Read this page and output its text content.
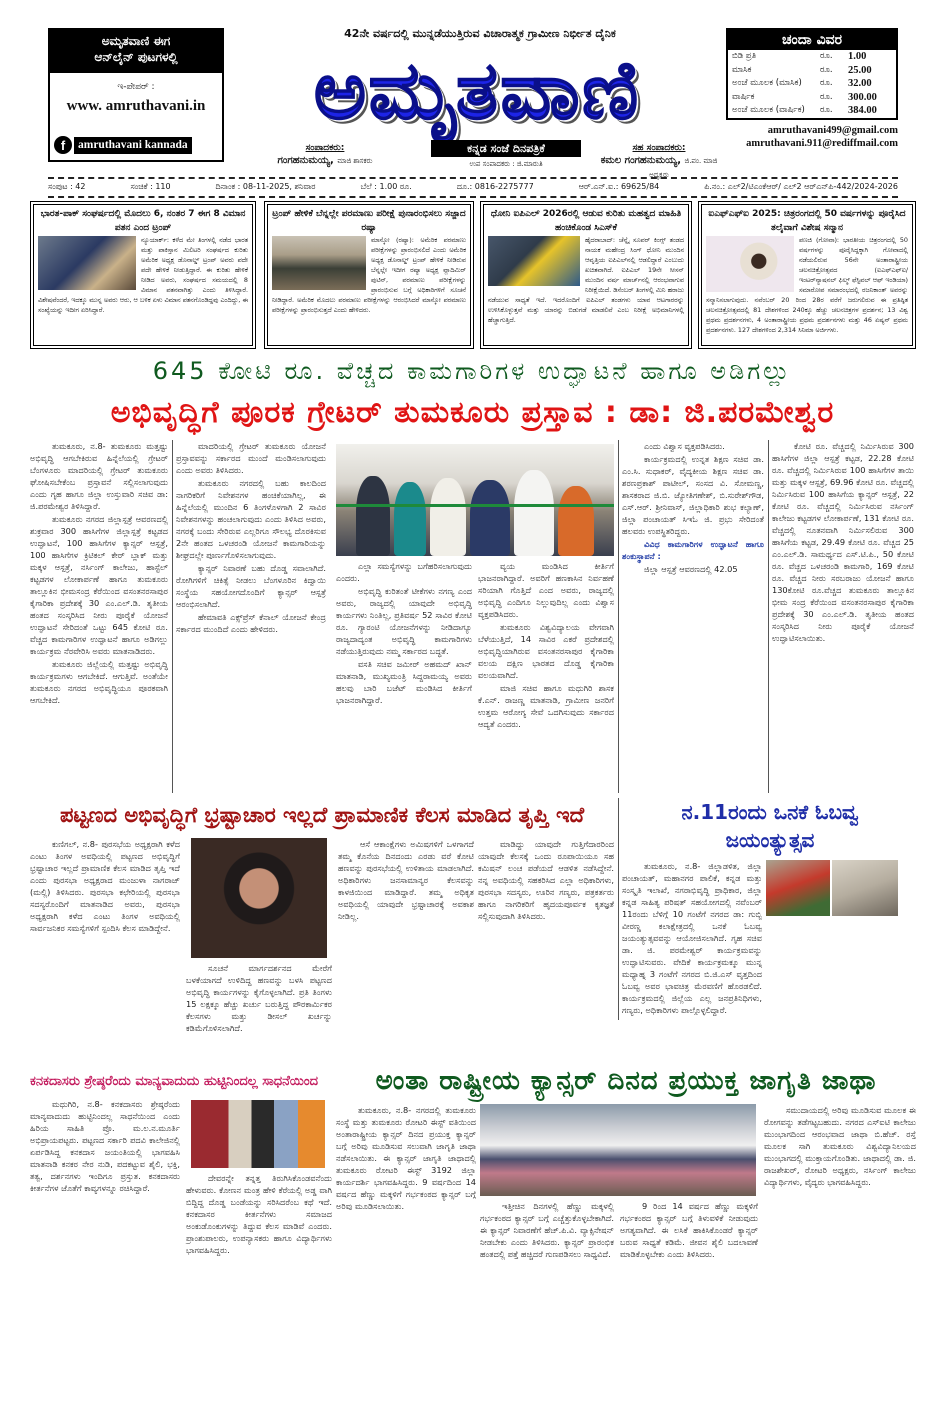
ಅಮೃತವಾಣಿ ಈಗ
ಆನ್‌ಲೈನ್ ಪುಟಗಳಲ್ಲಿ
ಇ-ಪೇಪರ್ :
www. amruthavani.in
f	amruthavani kannada
42ನೇ ವರ್ಷದಲ್ಲಿ ಮುನ್ನಡೆಯುತ್ತಿರುವ ವಿಚಾರಾತ್ಮಕ ಗ್ರಾಮೀಣ ನಿರ್ಭೀತ ದೈನಿಕ
ಅಮೃತವಾಣಿ
ಕನ್ನಡ ಸಂಜೆ ದಿನಪತ್ರಿಕೆ
ಉಪ ಸಂಪಾದಕರು : ಜಿ.ಮಾರುತಿ
ಸಂಪಾದಕರು:
ಗಂಗಹನುಮಯ್ಯ, ಮಾಜಿ ಶಾಸಕರು
ಸಹ ಸಂಪಾದಕರು:
ಕಮಲ ಗಂಗಹನುಮಯ್ಯ, ಜಿ.ಪಂ. ಮಾಜಿ ಅಧ್ಯಕ್ಷರು
ಚಂದಾ ವಿವರ
ಬಿಡಿ ಪ್ರತಿ	ರೂ.	1.00
ಮಾಸಿಕ	ರೂ.	25.00
ಅಂಚೆ ಮೂಲಕ (ಮಾಸಿಕ)	ರೂ.	32.00
ವಾರ್ಷಿಕ	ರೂ.	300.00
ಅಂಚೆ ಮೂಲಕ (ವಾರ್ಷಿಕ)	ರೂ.	384.00
amruthavani499@gmail.com
amruthavani.911@rediffmail.com
ಸಂಪುಟ : 42	ಸಂಚಿಕೆ : 110	ದಿನಾಂಕ : 08-11-2025, ಶನಿವಾರ	ಬೆಲೆ : 1.00 ರೂ.	ದೂ.: 0816-2275777	ಆರ್.ಎನ್.ಐ.: 69625/84	ಪಿ.ನಂ.: ಎಲ್2/ಟಿಎಂಕೆಆರ್/ ಎಲ್2 ಆರ್‌ಎನ್‌ಪಿ-442/2024-2026
ಭಾರತ-ಪಾಕ್ ಸಂಘರ್ಷದಲ್ಲಿ ಮೊದಲು 6, ನಂತರ 7 ಈಗ 8 ವಿಮಾನ ಪತನ ಎಂದ ಟ್ರಂಪ್
ನ್ಯೂಯಾರ್ಕ್: ಕಳೆದ ಮೇ ತಿಂಗಳಲ್ಲಿ ನಡೆದ ಭಾರತ ಮತ್ತು ಪಾಕಿಸ್ತಾನ ಮಿಲಿಟರಿ ಸಂಘರ್ಷದ ಕುರಿತು ಅಮೆರಿಕ ಅಧ್ಯಕ್ಷ ಡೊನಾಲ್ಡ್ ಟ್ರಂಪ್ ಅವರು ಪದೇ ಪದೇ ಹೇಳಿಕೆ ನೀಡುತ್ತಿದ್ದಾರೆ. ಈ ಕುರಿತು ಹೇಳಿಕೆ ನೀಡಿದ ಅವರು, ಸಂಘರ್ಷದ ಸಮಯದಲ್ಲಿ 8 ವಿಮಾನ ಪತನವಾಗಿತ್ತು ಎಂದು ತಿಳಿಸಿದ್ದಾರೆ. ವಿಶೇಷವೆಂದರೆ, ಇದಕ್ಕೂ ಮುನ್ನ ಅವರು ಆರು, ಆ ಬಳಿಕ ಏಳು ವಿಮಾನ ಪತನಗೊಂಡಿದ್ದವು ಎಂದಿದ್ದು, ಈ ಸಂಖ್ಯೆಯನ್ನು ಇದೀಗ ಏರಿಸಿದ್ದಾರೆ.
ಟ್ರಂಪ್ ಹೇಳಿಕೆ ಬೆನ್ನಲ್ಲೇ ಪರಮಾಣು ಪರೀಕ್ಷೆ ಪುನಾರಂಭಿಸಲು ಸಜ್ಜಾದ ರಷ್ಯಾ
ಮಾಸ್ಕೋ (ರಷ್ಯಾ): ಅಮೆರಿಕ ಪರಮಾಣು ಪರೀಕ್ಷೆಗಳನ್ನು ಪ್ರಾರಂಭಿಸಲಿದೆ ಎಂದು ಅಮೆರಿಕ ಅಧ್ಯಕ್ಷ ಡೊನಾಲ್ಡ್ ಟ್ರಂಪ್ ಹೇಳಿಕೆ ನೀಡಿರುವ ಬೆನ್ನಲ್ಲೇ ಇದೀಗ ರಷ್ಯಾ ಅಧ್ಯಕ್ಷ ವ್ಲಾದಿಮಿರ್ ಪುಟಿನ್, ಪರಮಾಣು ಪರೀಕ್ಷೆಗಳನ್ನು ಪ್ರಾರಂಭಿಸುವ ಬಗ್ಗೆ ಅಧಿಕಾರಿಗಳಿಗೆ ಸೂಚನೆ ನೀಡಿದ್ದಾರೆ. ಅಮೆರಿಕ ಮೊದಲು ಪರಮಾಣು ಪರೀಕ್ಷೆಗಳನ್ನು ಆರಂಭಿಸಿದರೆ ಮಾಸ್ಕೋ ಪರಮಾಣು ಪರೀಕ್ಷೆಗಳನ್ನು ಪ್ರಾರಂಭಿಸುತ್ತದೆ ಎಂದು ಹೇಳಿದರು.
ಧೋನಿ ಐಪಿಎಲ್ 2026ರಲ್ಲಿ ಆಡುವ ಕುರಿತು ಮಹತ್ವದ ಮಾಹಿತಿ ಹಂಚಿಕೊಂಡ ಸಿಎಸ್‌ಕೆ
ಹೈದರಾಬಾದ್: ಚೆನ್ನೈ ಸೂಪರ್ ಕಿಂಗ್ಸ್ ತಂಡದ ನಾಯಕ ಮಹೇಂದ್ರ ಸಿಂಗ್ ಧೋನಿ ಮುಂದಿನ ಆವೃತ್ತಿಯ ಐಪಿಎಲ್‌ನಲ್ಲಿ ಆಡಲಿದ್ದಾರೆ ಎಂಬುದು ಖಚಿತವಾಗಿದೆ. ಐಪಿಎಲ್ 19ನೇ ಸೀಸನ್ ಮುಂದಿನ ವರ್ಷ ಮಾರ್ಚ್‌ನಲ್ಲಿ ಆರಂಭವಾಗುವ ನಿರೀಕ್ಷೆಯಿದೆ. ಡಿಸೆಂಬರ್ ತಿಂಗಳಲ್ಲಿ ಮಿನಿ ಹರಾಜು ನಡೆಯುವ ಸಾಧ್ಯತೆ ಇದೆ. ಇದರೊಂದಿಗೆ ಐಪಿಎಲ್ ತಂಡಗಳು ಯಾವ ಆಟಗಾರರನ್ನು ಉಳಿಸಿಕೊಳ್ಳುತ್ತವೆ ಮತ್ತು ಯಾರನ್ನು ಬಿಡುಗಡೆ ಮಾಡಲಿವೆ ಎಂಬ ನಿರೀಕ್ಷೆ ಅಭಿಮಾನಿಗಳಲ್ಲಿ ಹೆಚ್ಚಾಗುತ್ತಿದೆ.
ಐಎಫ್‌ಎಫ್‌ಐ 2025: ಚಿತ್ರರಂಗದಲ್ಲಿ 50 ವರ್ಷಗಳನ್ನು ಪೂರೈಸಿದ ತಲೈವಾಗೆ ವಿಶೇಷ ಸನ್ಮಾನ
ಪಣಜಿ (ಗೋವಾ): ಭಾರತೀಯ ಚಿತ್ರರಂಗದಲ್ಲಿ 50 ವರ್ಷಗಳನ್ನು ಪೂರೈಸಿದ್ದಕ್ಕಾಗಿ ಗೋವಾದಲ್ಲಿ ನಡೆಯಲಿರುವ 56ನೇ ಅಂತಾರಾಷ್ಟ್ರೀಯ ಚಲನಚಿತ್ರೋತ್ಸವದ (ಐಎಫ್‌ಎಫ್‌ಐ/ ಇಂಟರ್‌ನ್ಯಾಷನಲ್ ಫಿಲ್ಮ್ ಫೆಸ್ಟಿವಲ್ ಆಫ್ ಇಂಡಿಯಾ) ಸಮಾರೋಪ ಸಮಾರಂಭದಲ್ಲಿ ರಜನಿಕಾಂತ್ ಅವರನ್ನು ಸನ್ಮಾನಿಸಲಾಗುವುದು. ನವೆಂಬರ್ 20 ರಿಂದ 28ರ ವರೆಗೆ ಜರುಗಲಿರುವ ಈ ಪ್ರತಿಷ್ಠಿತ ಚಲನಚಿತ್ರೋತ್ಸವದಲ್ಲಿ 81 ದೇಶಗಳಿಂದ 240ಕ್ಕೂ ಹೆಚ್ಚು ಚಲನಚಿತ್ರಗಳ ಪ್ರದರ್ಶನ; 13 ವಿಶ್ವ ಪ್ರಥಮ ಪ್ರದರ್ಶನಗಳು, 4 ಅಂತಾರಾಷ್ಟ್ರೀಯ ಪ್ರಥಮ ಪ್ರದರ್ಶನಗಳು ಮತ್ತು 46 ಏಷ್ಯನ್ ಪ್ರಥಮ ಪ್ರದರ್ಶನಗಳು. 127 ದೇಶಗಳಿಂದ 2,314 ಸಿನಿಮಾ ಅರ್ಜಿಗಳು.
645 ಕೋಟಿ ರೂ. ವೆಚ್ಚದ ಕಾಮಗಾರಿಗಳ ಉದ್ಘಾಟನೆ ಹಾಗೂ ಅಡಿಗಲ್ಲು
ಅಭಿವೃದ್ಧಿಗೆ ಪೂರಕ ಗ್ರೇಟರ್ ತುಮಕೂರು ಪ್ರಸ್ತಾವ : ಡಾ: ಜಿ.ಪರಮೇಶ್ವರ

ತುಮಕೂರು, ನ.8- ತುಮಕೂರು ಮತ್ತಷ್ಟು ಅಭಿವೃದ್ಧಿ ಆಗಬೇಕಿರುವ ಹಿನ್ನೆಲೆಯಲ್ಲಿ ಗ್ರೇಟರ್ ಬೆಂಗಳೂರು ಮಾದರಿಯಲ್ಲಿ ಗ್ರೇಟರ್ ತುಮಕೂರು ಘೋಷಿಸಬೇಕೆಂಬ ಪ್ರಸ್ತಾವನೆ ಸಲ್ಲಿಸಲಾಗುವುದು ಎಂದು ಗೃಹ ಹಾಗೂ ಜಿಲ್ಲಾ ಉಸ್ತುವಾರಿ ಸಚಿವ ಡಾ: ಜಿ.ಪರಮೇಶ್ವರ ತಿಳಿಸಿದ್ದಾರೆ.

ತುಮಕೂರು ನಗರದ ಜಿಲ್ಲಾಸ್ಪತ್ರೆ ಆವರಣದಲ್ಲಿ ಶುಕ್ರವಾರ 300 ಹಾಸಿಗೆಗಳ ಜಿಲ್ಲಾಸ್ಪತ್ರೆ ಕಟ್ಟಡದ ಉದ್ಘಾಟನೆ, 100 ಹಾಸಿಗೆಗಳ ಕ್ಯಾನ್ಸರ್ ಆಸ್ಪತ್ರೆ, 100 ಹಾಸಿಗೆಗಳ ಕ್ರಿಟಿಕಲ್ ಕೇರ್ ಬ್ಲಾಕ್ ಮತ್ತು ಮಕ್ಕಳ ಆಸ್ಪತ್ರೆ, ನರ್ಸಿಂಗ್ ಕಾಲೇಜು, ಹಾಸ್ಟೆಲ್ ಕಟ್ಟಡಗಳ ಲೋಕಾರ್ಪಣೆ ಹಾಗೂ ತುಮಕೂರು ತಾಲ್ಲೂಕಿನ ಭೀಮಸಂದ್ರ ಕೆರೆಯಿಂದ ವಸಂತನರಸಾಪುರ ಕೈಗಾರಿಕಾ ಪ್ರದೇಶಕ್ಕೆ 30 ಎಂ.ಎಲ್.ಡಿ. ತೃತೀಯ ಹಂತದ ಸಂಸ್ಕರಿಸಿದ ನೀರು ಪೂರೈಕೆ ಯೋಜನೆ ಉದ್ಘಾಟನೆ ಸೇರಿದಂತೆ ಒಟ್ಟು 645 ಕೋಟಿ ರೂ. ವೆಚ್ಚದ ಕಾಮಗಾರಿಗಳ ಉದ್ಘಾಟನೆ ಹಾಗೂ ಅಡಿಗಲ್ಲು ಕಾರ್ಯಕ್ರಮ ನೆರವೇರಿಸಿ ಅವರು ಮಾತನಾಡಿದರು.

ತುಮಕೂರು ಜಿಲ್ಲೆಯಲ್ಲಿ ಮತ್ತಷ್ಟು ಅಭಿವೃದ್ಧಿ ಕಾರ್ಯಕ್ರಮಗಳು ಆಗಬೇಕಿದೆ. ಆಗುತ್ತಿವೆ. ಅಂತೆಯೇ ತುಮಕೂರು ನಗರದ ಅಭಿವೃದ್ಧಿಯೂ ಪೂರಕವಾಗಿ ಆಗಬೇಕಿದೆ.

ಮಾದರಿಯಲ್ಲಿ ಗ್ರೇಟರ್ ತುಮಕೂರು ಯೋಜನೆ ಪ್ರಸ್ತಾವವನ್ನು ಸರ್ಕಾರದ ಮುಂದೆ ಮಂಡಿಸಲಾಗುವುದು ಎಂದು ಅವರು ತಿಳಿಸಿದರು.

ತುಮಕೂರು ನಗರದಲ್ಲಿ ಬಹು ಕಾಲದಿಂದ ನಾಗರಿಕರಿಗೆ ನಿವೇಶನಗಳ ಹಂಚಿಕೆಯಾಗಿಲ್ಲ, ಈ ಹಿನ್ನೆಲೆಯಲ್ಲಿ ಮುಂದಿನ 6 ತಿಂಗಳೊಳಗಾಗಿ 2 ಸಾವಿರ ನಿವೇಶನಗಳನ್ನು ಹಂಚಲಾಗುವುದು ಎಂದು ತಿಳಿಸಿದ ಅವರು, ನಗರಕ್ಕೆ ಬಂದು ಸೇರಿರುವ ಎಲ್ಲರಿಗೂ ಸೌಲಭ್ಯ ದೊರಕಿಸುವ 2ನೇ ಹಂತದ ಒಳಚರಂಡಿ ಯೋಜನೆ ಕಾಮಗಾರಿಯನ್ನು ಶೀಘ್ರದಲ್ಲೇ ಪೂರ್ಣಗೊಳಿಸಲಾಗುವುದು.

ಕ್ಯಾನ್ಸರ್ ನಿವಾರಣೆ ಬಹು ದೊಡ್ಡ ಸವಾಲಾಗಿದೆ. ರೋಗಿಗಳಿಗೆ ಚಿಕಿತ್ಸೆ ನೀಡಲು ಬೆಂಗಳೂರಿನ ಕಿದ್ವಾಯಿ ಸಂಸ್ಥೆಯ ಸಹಯೋಗದೊಂದಿಗೆ ಕ್ಯಾನ್ಸರ್ ಆಸ್ಪತ್ರೆ ಆರಂಭಿಸಲಾಗಿದೆ.

ಹೇಮಾವತಿ ಎಕ್ಸ್‌ಪ್ರೆಸ್ ಕೆನಾಲ್ ಯೋಜನೆ ಕೇಂದ್ರ ಸರ್ಕಾರದ ಮುಂದಿದೆ ಎಂದು ಹೇಳಿದರು.

ಎಲ್ಲಾ ಸಮಸ್ಯೆಗಳನ್ನು ಬಗೆಹರಿಸಲಾಗುವುದು ಎಂದರು.

ಅಭಿವೃದ್ಧಿ ಕುರಿತಂತೆ ಟೀಕೆಗಳು ನಗಣ್ಯ ಎಂದ ಅವರು, ರಾಜ್ಯದಲ್ಲಿ ಯಾವುದೇ ಅಭಿವೃದ್ಧಿ ಕಾರ್ಯಗಳು ನಿಂತಿಲ್ಲ, ಪ್ರತಿವರ್ಷ 52 ಸಾವಿರ ಕೋಟಿ ರೂ. ಗ್ಯಾರಂಟಿ ಯೋಜನೆಗಳನ್ನು ನೀಡಿದಾಗ್ಯೂ ರಾಜ್ಯದಾದ್ಯಂತ ಅಭಿವೃದ್ಧಿ ಕಾಮಗಾರಿಗಳು ನಡೆಯುತ್ತಿರುವುದು ನಮ್ಮ ಸರ್ಕಾರದ ಬದ್ಧತೆ.

ವಸತಿ ಸಚಿವ ಜಮೀರ್ ಅಹಮದ್ ಖಾನ್ ಮಾತನಾಡಿ, ಮುಖ್ಯಮಂತ್ರಿ ಸಿದ್ದರಾಮಯ್ಯ ಅವರು ಹಲವು ಬಾರಿ ಬಜೆಟ್ ಮಂಡಿಸಿದ ಕೀರ್ತಿಗೆ ಭಾಜನರಾಗಿದ್ದಾರೆ.

ವ್ಯಯ ಮಂಡಿಸಿದ ಕೀರ್ತಿಗೆ ಭಾಜನರಾಗಿದ್ದಾರೆ. ಅವರಿಗೆ ಹಣಕಾಸಿನ ನಿರ್ವಹಣೆ ಸರಿಯಾಗಿ ಗೊತ್ತಿದೆ ಎಂದ ಅವರು, ರಾಜ್ಯದಲ್ಲಿ ಅಭಿವೃದ್ಧಿ ಎಂದಿಗೂ ನಿಲ್ಲುವುದಿಲ್ಲ ಎಂದು ವಿಶ್ವಾಸ ವ್ಯಕ್ತಪಡಿಸಿದರು.

ತುಮಕೂರು ವಿಶ್ವವಿದ್ಯಾಲಯ ವೇಗವಾಗಿ ಬೆಳೆಯುತ್ತಿದೆ, 14 ಸಾವಿರ ಎಕರೆ ಪ್ರದೇಶದಲ್ಲಿ ಅಭಿವೃದ್ಧಿಯಾಗಿರುವ ವಸಂತನರಸಾಪುರ ಕೈಗಾರಿಕಾ ವಲಯ ದಕ್ಷಿಣ ಭಾರತದ ದೊಡ್ಡ ಕೈಗಾರಿಕಾ ವಲಯವಾಗಿದೆ.

ಮಾಜಿ ಸಚಿವ ಹಾಗೂ ಮಧುಗಿರಿ ಶಾಸಕ ಕೆ.ಎನ್. ರಾಜಣ್ಣ ಮಾತನಾಡಿ, ಗ್ರಾಮೀಣ ಜನರಿಗೆ ಉತ್ತಮ ಆರೋಗ್ಯ ಸೇವೆ ಒದಗಿಸುವುದು ಸರ್ಕಾರದ ಆದ್ಯತೆ ಎಂದರು.

ಎಂದು ವಿಶ್ವಾಸ ವ್ಯಕ್ತಪಡಿಸಿದರು.

ಕಾರ್ಯಕ್ರಮದಲ್ಲಿ ಉನ್ನತ ಶಿಕ್ಷಣ ಸಚಿವ ಡಾ. ಎಂ.ಸಿ. ಸುಧಾಕರ್, ವೈದ್ಯಕೀಯ ಶಿಕ್ಷಣ ಸಚಿವ ಡಾ. ಶರಣಪ್ರಕಾಶ್ ಪಾಟೀಲ್, ಸಂಸದ ವಿ. ಸೋಮಣ್ಣ, ಶಾಸಕರಾದ ಜಿ.ಬಿ. ಜ್ಯೋತಿಗಣೇಶ್, ಬಿ.ಸುರೇಶ್‌ಗೌಡ, ಎಸ್.ಆರ್. ಶ್ರೀನಿವಾಸ್, ಜಿಲ್ಲಾಧಿಕಾರಿ ಶುಭ ಕಲ್ಯಾಣ್, ಜಿಲ್ಲಾ ಪಂಚಾಯತ್ ಸಿಇಓ ಜಿ. ಪ್ರಭು ಸೇರಿದಂತೆ ಹಲವರು ಉಪಸ್ಥಿತರಿದ್ದರು.

ವಿವಿಧ ಕಾಮಗಾರಿಗಳ ಉದ್ಘಾಟನೆ ಹಾಗೂ ಶಂಕುಸ್ಥಾಪನೆ :

ಜಿಲ್ಲಾ ಆಸ್ಪತ್ರೆ ಆವರಣದಲ್ಲಿ 42.05

ಕೋಟಿ ರೂ. ವೆಚ್ಚದಲ್ಲಿ ನಿರ್ಮಿಸಿರುವ 300 ಹಾಸಿಗೆಗಳ ಜಿಲ್ಲಾ ಆಸ್ಪತ್ರೆ ಕಟ್ಟಡ, 22.28 ಕೋಟಿ ರೂ. ವೆಚ್ಚದಲ್ಲಿ ನಿರ್ಮಿಸಿರುವ 100 ಹಾಸಿಗೆಗಳ ತಾಯಿ ಮತ್ತು ಮಕ್ಕಳ ಆಸ್ಪತ್ರೆ, 69.96 ಕೋಟಿ ರೂ. ವೆಚ್ಚದಲ್ಲಿ ನಿರ್ಮಿಸಿರುವ 100 ಹಾಸಿಗೆಯ ಕ್ಯಾನ್ಸರ್ ಆಸ್ಪತ್ರೆ, 22 ಕೋಟಿ ರೂ. ವೆಚ್ಚದಲ್ಲಿ ನಿರ್ಮಿಸಿರುವ ನರ್ಸಿಂಗ್ ಕಾಲೇಜು ಕಟ್ಟಡಗಳ ಲೋಕಾರ್ಪಣೆ, 131 ಕೋಟಿ ರೂ. ವೆಚ್ಚದಲ್ಲಿ ನೂತನವಾಗಿ ನಿರ್ಮಿಸಲಿರುವ 300 ಹಾಸಿಗೆಯ ಕಟ್ಟಡ, 29.49 ಕೋಟಿ ರೂ. ವೆಚ್ಚದ 25 ಎಂ.ಎಲ್.ಡಿ. ಸಾಮರ್ಥ್ಯದ ಎಸ್.ಟಿ.ಪಿ., 50 ಕೋಟಿ ರೂ. ವೆಚ್ಚದ ಒಳಚರಂಡಿ ಕಾಮಗಾರಿ, 169 ಕೋಟಿ ರೂ. ವೆಚ್ಚದ ನೀರು ಸರಬರಾಜು ಯೋಜನೆ ಹಾಗೂ 130ಕೋಟಿ ರೂ.ವೆಚ್ಚದ ತುಮಕೂರು ತಾಲ್ಲೂಕಿನ ಭೀಮ ಸಂದ್ರ ಕೆರೆಯಿಂದ ವಸಂತನರಸಾಪುರ ಕೈಗಾರಿಕಾ ಪ್ರದೇಶಕ್ಕೆ 30 ಎಂ.ಎಲ್.ಡಿ. ತೃತೀಯ ಹಂತದ ಸಂಸ್ಕರಿಸಿದ ನೀರು ಪೂರೈಕೆ ಯೋಜನೆ ಉದ್ಘಾಟಿಸಲಾಯಿತು.

ಪಟ್ಟಣದ ಅಭಿವೃದ್ಧಿಗೆ ಭ್ರಷ್ಟಾಚಾರ ಇಲ್ಲದೆ ಪ್ರಾಮಾಣಿಕ ಕೆಲಸ ಮಾಡಿದ ತೃಪ್ತಿ ಇದೆ

ಕುಣಿಗಲ್, ನ.8- ಪುರಸಭೆಯ ಅಧ್ಯಕ್ಷರಾಗಿ ಕಳೆದ ಎಂಟು ತಿಂಗಳ ಅವಧಿಯಲ್ಲಿ ಪಟ್ಟಣದ ಅಭಿವೃದ್ಧಿಗೆ ಭ್ರಷ್ಟಾಚಾರ ಇಲ್ಲದೆ ಪ್ರಾಮಾಣಿಕ ಕೆಲಸ ಮಾಡಿದ ತೃಪ್ತಿ ಇದೆ ಎಂದು ಪುರಸಭಾ ಅಧ್ಯಕ್ಷರಾದ ಮಂಜುಳಾ ನಾಗರಾಜ್ (ಮಲ್ಲಿ) ತಿಳಿಸಿದರು. ಪುರಸಭಾ ಕಛೇರಿಯಲ್ಲಿ ಪುರಸಭಾ ಸದಸ್ಯರೊಂದಿಗೆ ಮಾತನಾಡಿದ ಅವರು, ಪುರಸಭಾ ಅಧ್ಯಕ್ಷರಾಗಿ ಕಳೆದ ಎಂಟು ತಿಂಗಳ ಅವಧಿಯಲ್ಲಿ ಸಾರ್ವಜನಿಕರ ಸಮಸ್ಯೆಗಳಿಗೆ ಸ್ಪಂದಿಸಿ ಕೆಲಸ ಮಾಡಿದ್ದೇನೆ.

ಸೂಚನೆ ಮಾರ್ಗದರ್ಶನದ ಮೇರೆಗೆ ಬಳಕೆಯಾಗದೆ ಉಳಿದಿದ್ದ ಹಣವನ್ನು ಬಳಸಿ ಪಟ್ಟಣದ ಅಭಿವೃದ್ಧಿ ಕಾರ್ಯಗಳನ್ನು ಕೈಗೊಳ್ಳಲಾಗಿದೆ. ಪ್ರತಿ ತಿಂಗಳು 15 ಲಕ್ಷಕ್ಕೂ ಹೆಚ್ಚು ಖರ್ಚು ಬರುತ್ತಿದ್ದ ಪೌರಕಾರ್ಮಿಕರ ಕೆಲಸಗಳು ಮತ್ತು ಡೀಸಲ್ ಖರ್ಚನ್ನು ಕಡಿಮೆಗೊಳಿಸಲಾಗಿದೆ.

ಆಸೆ ಆಕಾಂಕ್ಷೆಗಳು ಅಮಿಷಗಳಿಗೆ ಒಳಗಾಗದೆ ತಮ್ಮ ಕೊನೆಯ ದಿನದಂದು ಎರಡು ವರೆ ಕೋಟಿ ಹಣವನ್ನು ಪುರಸಭೆಯಲ್ಲಿ ಉಳಿತಾಯ ಮಾಡಲಾಗಿದೆ. ಅಧಿಕಾರಿಗಳು ಜನಸಾಮಾನ್ಯರ ಕೆಲಸವನ್ನು ಕಾಳಜಿಯಿಂದ ಮಾಡಿದ್ದಾರೆ. ತಮ್ಮ ಅಧಿಕೃತ ಅವಧಿಯಲ್ಲಿ ಯಾವುದೇ ಭ್ರಷ್ಟಾಚಾರಕ್ಕೆ ಅವಕಾಶ ನೀಡಿಲ್ಲ.

ಮಾಡಿದ್ದು ಯಾವುದೇ ಗುತ್ತಿಗೆದಾರರಿಂದ ಯಾವುದೇ ಕೆಲಸಕ್ಕೆ ಒಂದು ರೂಪಾಯಿಯೂ ಸಹ ಕಮಿಷನ್ ಲಂಚ ಪಡೆಯದೆ ಆಡಳಿತ ನಡೆಸಿದ್ದೇನೆ. ನನ್ನ ಅವಧಿಯಲ್ಲಿ ಸಹಕರಿಸಿದ ಎಲ್ಲಾ ಅಧಿಕಾರಿಗಳು, ಪುರಸಭಾ ಸದಸ್ಯರು, ಊರಿನ ಗಣ್ಯರು, ಪತ್ರಕರ್ತರು ಹಾಗೂ ನಾಗರಿಕರಿಗೆ ಹೃದಯಪೂರ್ವಕ ಕೃತಜ್ಞತೆ ಸಲ್ಲಿಸುವುದಾಗಿ ತಿಳಿಸಿದರು.

ನ.11ರಂದು ಒನಕೆ ಓಬವ್ವ
ಜಯಂತ್ಯುತ್ಸವ

ತುಮಕೂರು, ನ.8- ಜಿಲ್ಲಾಡಳಿತ, ಜಿಲ್ಲಾ ಪಂಚಾಯತ್, ಮಹಾನಗರ ಪಾಲಿಕೆ, ಕನ್ನಡ ಮತ್ತು ಸಂಸ್ಕೃತಿ ಇಲಾಖೆ, ನಗರಾಭಿವೃದ್ಧಿ ಪ್ರಾಧಿಕಾರ, ಜಿಲ್ಲಾ ಕನ್ನಡ ಸಾಹಿತ್ಯ ಪರಿಷತ್ ಸಹಯೋಗದಲ್ಲಿ ನವೆಂಬರ್ 11ರಂದು ಬೆಳಿಗ್ಗೆ 10 ಗಂಟೆಗೆ ನಗರದ ಡಾ: ಗುಬ್ಬಿ ವೀರಣ್ಣ ಕಲಾಕ್ಷೇತ್ರದಲ್ಲಿ ಒನಕೆ ಓಬವ್ವ ಜಯಂತ್ಯುತ್ಸವವನ್ನು ಆಯೋಜಿಸಲಾಗಿದೆ. ಗೃಹ ಸಚಿವ ಡಾ. ಜಿ. ಪರಮೇಶ್ವರ್ ಕಾರ್ಯಕ್ರಮವನ್ನು ಉದ್ಘಾಟಿಸುವರು. ವೇದಿಕೆ ಕಾರ್ಯಕ್ರಮಕ್ಕೂ ಮುನ್ನ ಮಧ್ಯಾಹ್ನ 3 ಗಂಟೆಗೆ ನಗರದ ಬಿ.ಜಿ.ಎಸ್ ವೃತ್ತದಿಂದ ಓಬವ್ವ ಅವರ ಭಾವಚಿತ್ರ ಮೆರವಣಿಗೆ ಹೊರಡಲಿದೆ. ಕಾರ್ಯಕ್ರಮದಲ್ಲಿ ಜಿಲ್ಲೆಯ ಎಲ್ಲ ಜನಪ್ರತಿನಿಧಿಗಳು, ಗಣ್ಯರು, ಅಧಿಕಾರಿಗಳು ಪಾಲ್ಗೊಳ್ಳಲಿದ್ದಾರೆ.

ಕನಕದಾಸರು ಶ್ರೇಷ್ಠರೆಂದು ಮಾನ್ಯವಾದುದು ಹುಟ್ಟಿನಿಂದಲ್ಲ ಸಾಧನೆಯಿಂದ

ಮಧುಗಿರಿ, ನ.8- ಕನಕದಾಸರು ಶ್ರೇಷ್ಠರೆಂದು ಮಾನ್ಯವಾದುದು ಹುಟ್ಟಿನಿಂದಲ್ಲ ಸಾಧನೆಯಿಂದ ಎಂದು ಹಿರಿಯ ಸಾಹಿತಿ ಪ್ರೊ. ಮ.ಲ.ನ.ಮೂರ್ತಿ ಅಭಿಪ್ರಾಯಪಟ್ಟರು. ಪಟ್ಟಣದ ಸರ್ಕಾರಿ ಪದವಿ ಕಾಲೇಜಿನಲ್ಲಿ ಏರ್ಪಡಿಸಿದ್ದ ಕನಕದಾಸ ಜಯಂತಿಯಲ್ಲಿ ಭಾಗವಹಿಸಿ ಮಾತನಾಡಿ ಕನಕರ ನೇರ ನುಡಿ, ಪದಕಟ್ಟುವ ಶೈಲಿ, ಭಕ್ತಿ, ತತ್ವ, ದರ್ಶನಗಳು ಇಂದಿಗೂ ಪ್ರಸ್ತುತ. ಕನಕದಾಸರು ಕೀರ್ತನೆಗಳ ಜೊತೆಗೆ ಕಾವ್ಯಗಳನ್ನೂ ರಚಿಸಿದ್ದಾರೆ.

ದೇವರನ್ನೇ ತನ್ನತ್ತ ತಿರುಗಿಸಿಕೊಂಡವನೆಂದು ಹೇಳುವರು. ಕೋಣನ ಮಂತ್ರ ಹೇಳಿ ಕೆರೆಯಲ್ಲಿ ಅಡ್ಡ ವಾಗಿ ಬಿದ್ದಿದ್ದ ದೊಡ್ಡ ಬಂಡೆಯನ್ನು ಸರಿಸಿದರೆಂಬ ಕಥೆ ಇದೆ. ಕನಕದಾಸರ ಕೀರ್ತನೆಗಳು ಸಮಾಜದ ಅಂಕುಡೊಂಕುಗಳನ್ನು ತಿದ್ದುವ ಕೆಲಸ ಮಾಡಿವೆ ಎಂದರು. ಪ್ರಾಂಶುಪಾಲರು, ಉಪನ್ಯಾಸಕರು ಹಾಗೂ ವಿದ್ಯಾರ್ಥಿಗಳು ಭಾಗವಹಿಸಿದ್ದರು.

ಅಂತಾ ರಾಷ್ಟ್ರೀಯ ಕ್ಯಾನ್ಸರ್ ದಿನದ ಪ್ರಯುಕ್ತ ಜಾಗೃತಿ ಜಾಥಾ

ತುಮಕೂರು, ನ.8- ನಗರದಲ್ಲಿ ತುಮಕೂರು ಸಂಸ್ಥೆ ಮತ್ತು ತುಮಕೂರು ರೋಟರಿ ಈಸ್ಟ್ ವತಿಯಿಂದ ಅಂತಾರಾಷ್ಟ್ರೀಯ ಕ್ಯಾನ್ಸರ್ ದಿನದ ಪ್ರಯುಕ್ತ ಕ್ಯಾನ್ಸರ್ ಬಗ್ಗೆ ಅರಿವು ಮೂಡಿಸುವ ಸಲುವಾಗಿ ಜಾಗೃತಿ ಜಾಥಾ ನಡೆಸಲಾಯಿತು. ಈ ಕ್ಯಾನ್ಸರ್ ಜಾಗೃತಿ ಜಾಥಾದಲ್ಲಿ ತುಮಕೂರು ರೋಟರಿ ಈಸ್ಟ್ 3192 ಜಿಲ್ಲಾ ಕಾರ್ಯದರ್ಶಿ ಭಾಗವಹಿಸಿದ್ದರು. 9 ವರ್ಷದಿಂದ 14 ವರ್ಷದ ಹೆಣ್ಣು ಮಕ್ಕಳಿಗೆ ಗರ್ಭಕಂಠದ ಕ್ಯಾನ್ಸರ್ ಬಗ್ಗೆ ಅರಿವು ಮೂಡಿಸಲಾಯಿತು.	ಇತ್ತೀಚಿನ ದಿನಗಳಲ್ಲಿ ಹೆಣ್ಣು ಮಕ್ಕಳಲ್ಲಿ ಗರ್ಭಕಂಠದ ಕ್ಯಾನ್ಸರ್ ಬಗ್ಗೆ ಎಚ್ಚೆತ್ತುಕೊಳ್ಳಬೇಕಾಗಿದೆ. ಈ ಕ್ಯಾನ್ಸರ್ ನಿವಾರಣೆಗೆ ಹೆಚ್.ಪಿ.ವಿ. ವ್ಯಾಕ್ಸಿನೇಷನ್ ನೀಡಬೇಕು ಎಂದು ತಿಳಿಸಿದರು. ಕ್ಯಾನ್ಸರ್ ಪ್ರಾರಂಭಿಕ ಹಂತದಲ್ಲಿ ಪತ್ತೆ ಹಚ್ಚಿದರೆ ಗುಣಪಡಿಸಲು ಸಾಧ್ಯವಿದೆ.

9 ರಿಂದ 14 ವರ್ಷದ ಹೆಣ್ಣು ಮಕ್ಕಳಿಗೆ ಗರ್ಭಕಂಠದ ಕ್ಯಾನ್ಸರ್ ಬಗ್ಗೆ ತಿಳುವಳಿಕೆ ನೀಡುವುದು ಅಗತ್ಯವಾಗಿದೆ. ಈ ಲಸಿಕೆ ಹಾಕಿಸಿಕೊಂಡರೆ ಕ್ಯಾನ್ಸರ್ ಬರುವ ಸಾಧ್ಯತೆ ಕಡಿಮೆ. ಜೀವನ ಶೈಲಿ ಬದಲಾವಣೆ ಮಾಡಿಕೊಳ್ಳಬೇಕು ಎಂದು ತಿಳಿಸಿದರು.

ಸಮುದಾಯದಲ್ಲಿ ಅರಿವು ಮೂಡಿಸುವ ಮೂಲಕ ಈ ರೋಗವನ್ನು ತಡೆಗಟ್ಟಬಹುದು. ನಗರದ ಎಸ್‌ಐಟಿ ಕಾಲೇಜು ಮುಂಭಾಗದಿಂದ ಆರಂಭವಾದ ಜಾಥಾ ಬಿ.ಹೆಚ್. ರಸ್ತೆ ಮೂಲಕ ಸಾಗಿ ತುಮಕೂರು ವಿಶ್ವವಿದ್ಯಾನಿಲಯದ ಮುಂಭಾಗದಲ್ಲಿ ಮುಕ್ತಾಯಗೊಂಡಿತು. ಜಾಥಾದಲ್ಲಿ ಡಾ. ಜಿ. ರಾಜಶೇಖರ್, ರೋಟರಿ ಅಧ್ಯಕ್ಷರು, ನರ್ಸಿಂಗ್ ಕಾಲೇಜು ವಿದ್ಯಾರ್ಥಿಗಳು, ವೈದ್ಯರು ಭಾಗವಹಿಸಿದ್ದರು.
